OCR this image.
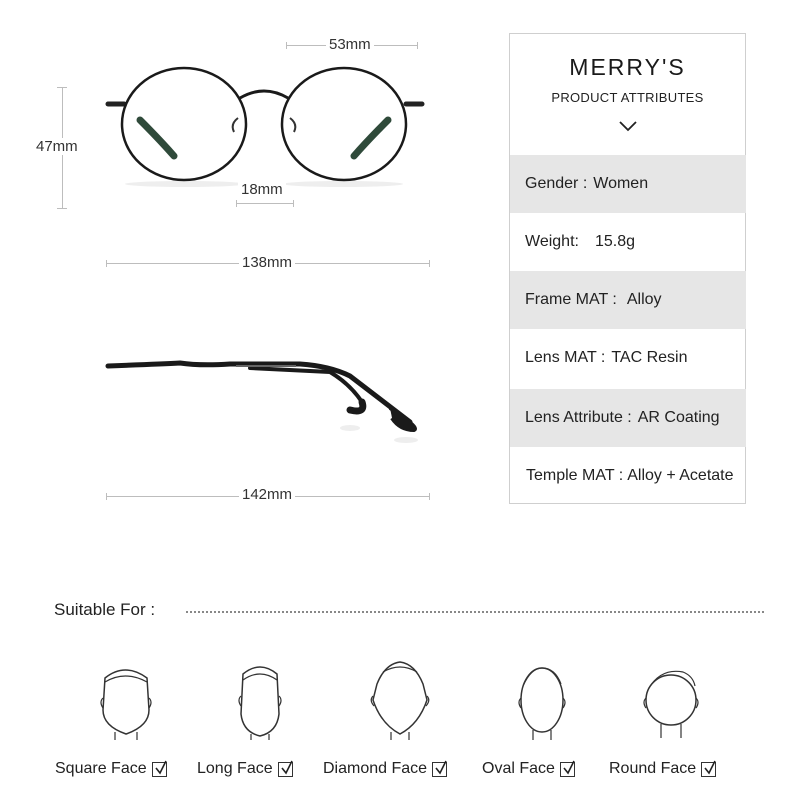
53mm
47mm
18mm
138mm
142mm
MERRY'S
PRODUCT ATTRIBUTES
Gender : Women
Weight: 15.8g
Frame MAT : Alloy
Lens MAT : TAC Resin
Lens Attribute : AR Coating
Temple MAT : Alloy + Acetate
Suitable For :
Square Face	Long Face	Diamond Face	Oval Face	Round Face
